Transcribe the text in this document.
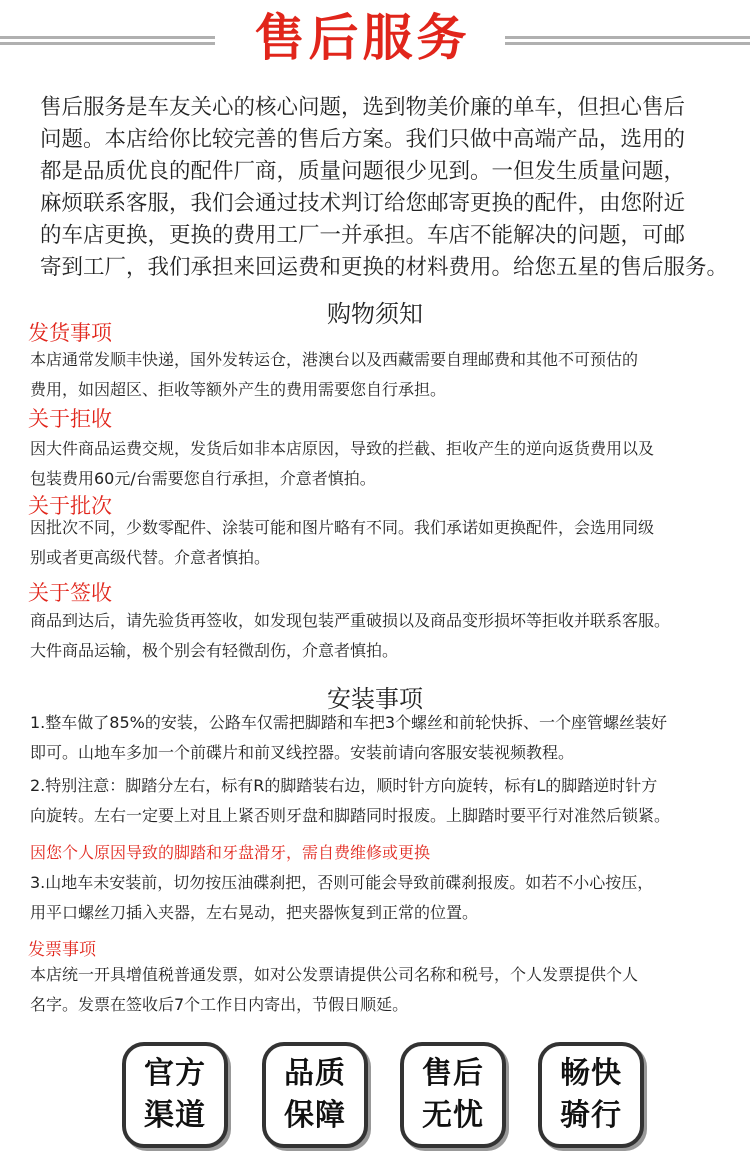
售后服务

售后服务是车友关心的核心问题，选到物美价廉的单车，但担心售后

问题。本店给你比较完善的售后方案。我们只做中高端产品，选用的

都是品质优良的配件厂商，质量问题很少见到。一但发生质量问题，

麻烦联系客服，我们会通过技术判订给您邮寄更换的配件，由您附近

的车店更换，更换的费用工厂一并承担。车店不能解决的问题，可邮

寄到工厂，我们承担来回运费和更换的材料费用。给您五星的售后服务。

购物须知
发货事项

本店通常发顺丰快递，国外发转运仓，港澳台以及西藏需要自理邮费和其他不可预估的

费用，如因超区、拒收等额外产生的费用需要您自行承担。

关于拒收

因大件商品运费交规，发货后如非本店原因，导致的拦截、拒收产生的逆向返货费用以及

包装费用60元/台需要您自行承担，介意者慎拍。

关于批次

因批次不同，少数零配件、涂装可能和图片略有不同。我们承诺如更换配件，会选用同级

别或者更高级代替。介意者慎拍。

关于签收

商品到达后，请先验货再签收，如发现包装严重破损以及商品变形损坏等拒收并联系客服。

大件商品运输，极个别会有轻微刮伤，介意者慎拍。

安装事项

1.整车做了85%的安装，公路车仅需把脚踏和车把3个螺丝和前轮快拆、一个座管螺丝装好

即可。山地车多加一个前碟片和前叉线控器。安装前请向客服安装视频教程。

2.特别注意：脚踏分左右，标有R的脚踏装右边，顺时针方向旋转，标有L的脚踏逆时针方

向旋转。左右一定要上对且上紧否则牙盘和脚踏同时报废。上脚踏时要平行对准然后锁紧。

因您个人原因导致的脚踏和牙盘滑牙，需自费维修或更换

3.山地车未安装前，切勿按压油碟刹把，否则可能会导致前碟刹报废。如若不小心按压，

用平口螺丝刀插入夹器，左右晃动，把夹器恢复到正常的位置。

发票事项

本店统一开具增值税普通发票，如对公发票请提供公司名称和税号，个人发票提供个人

名字。发票在签收后7个工作日内寄出，节假日顺延。

官方
渠道
品质
保障
售后
无忧
畅快
骑行
